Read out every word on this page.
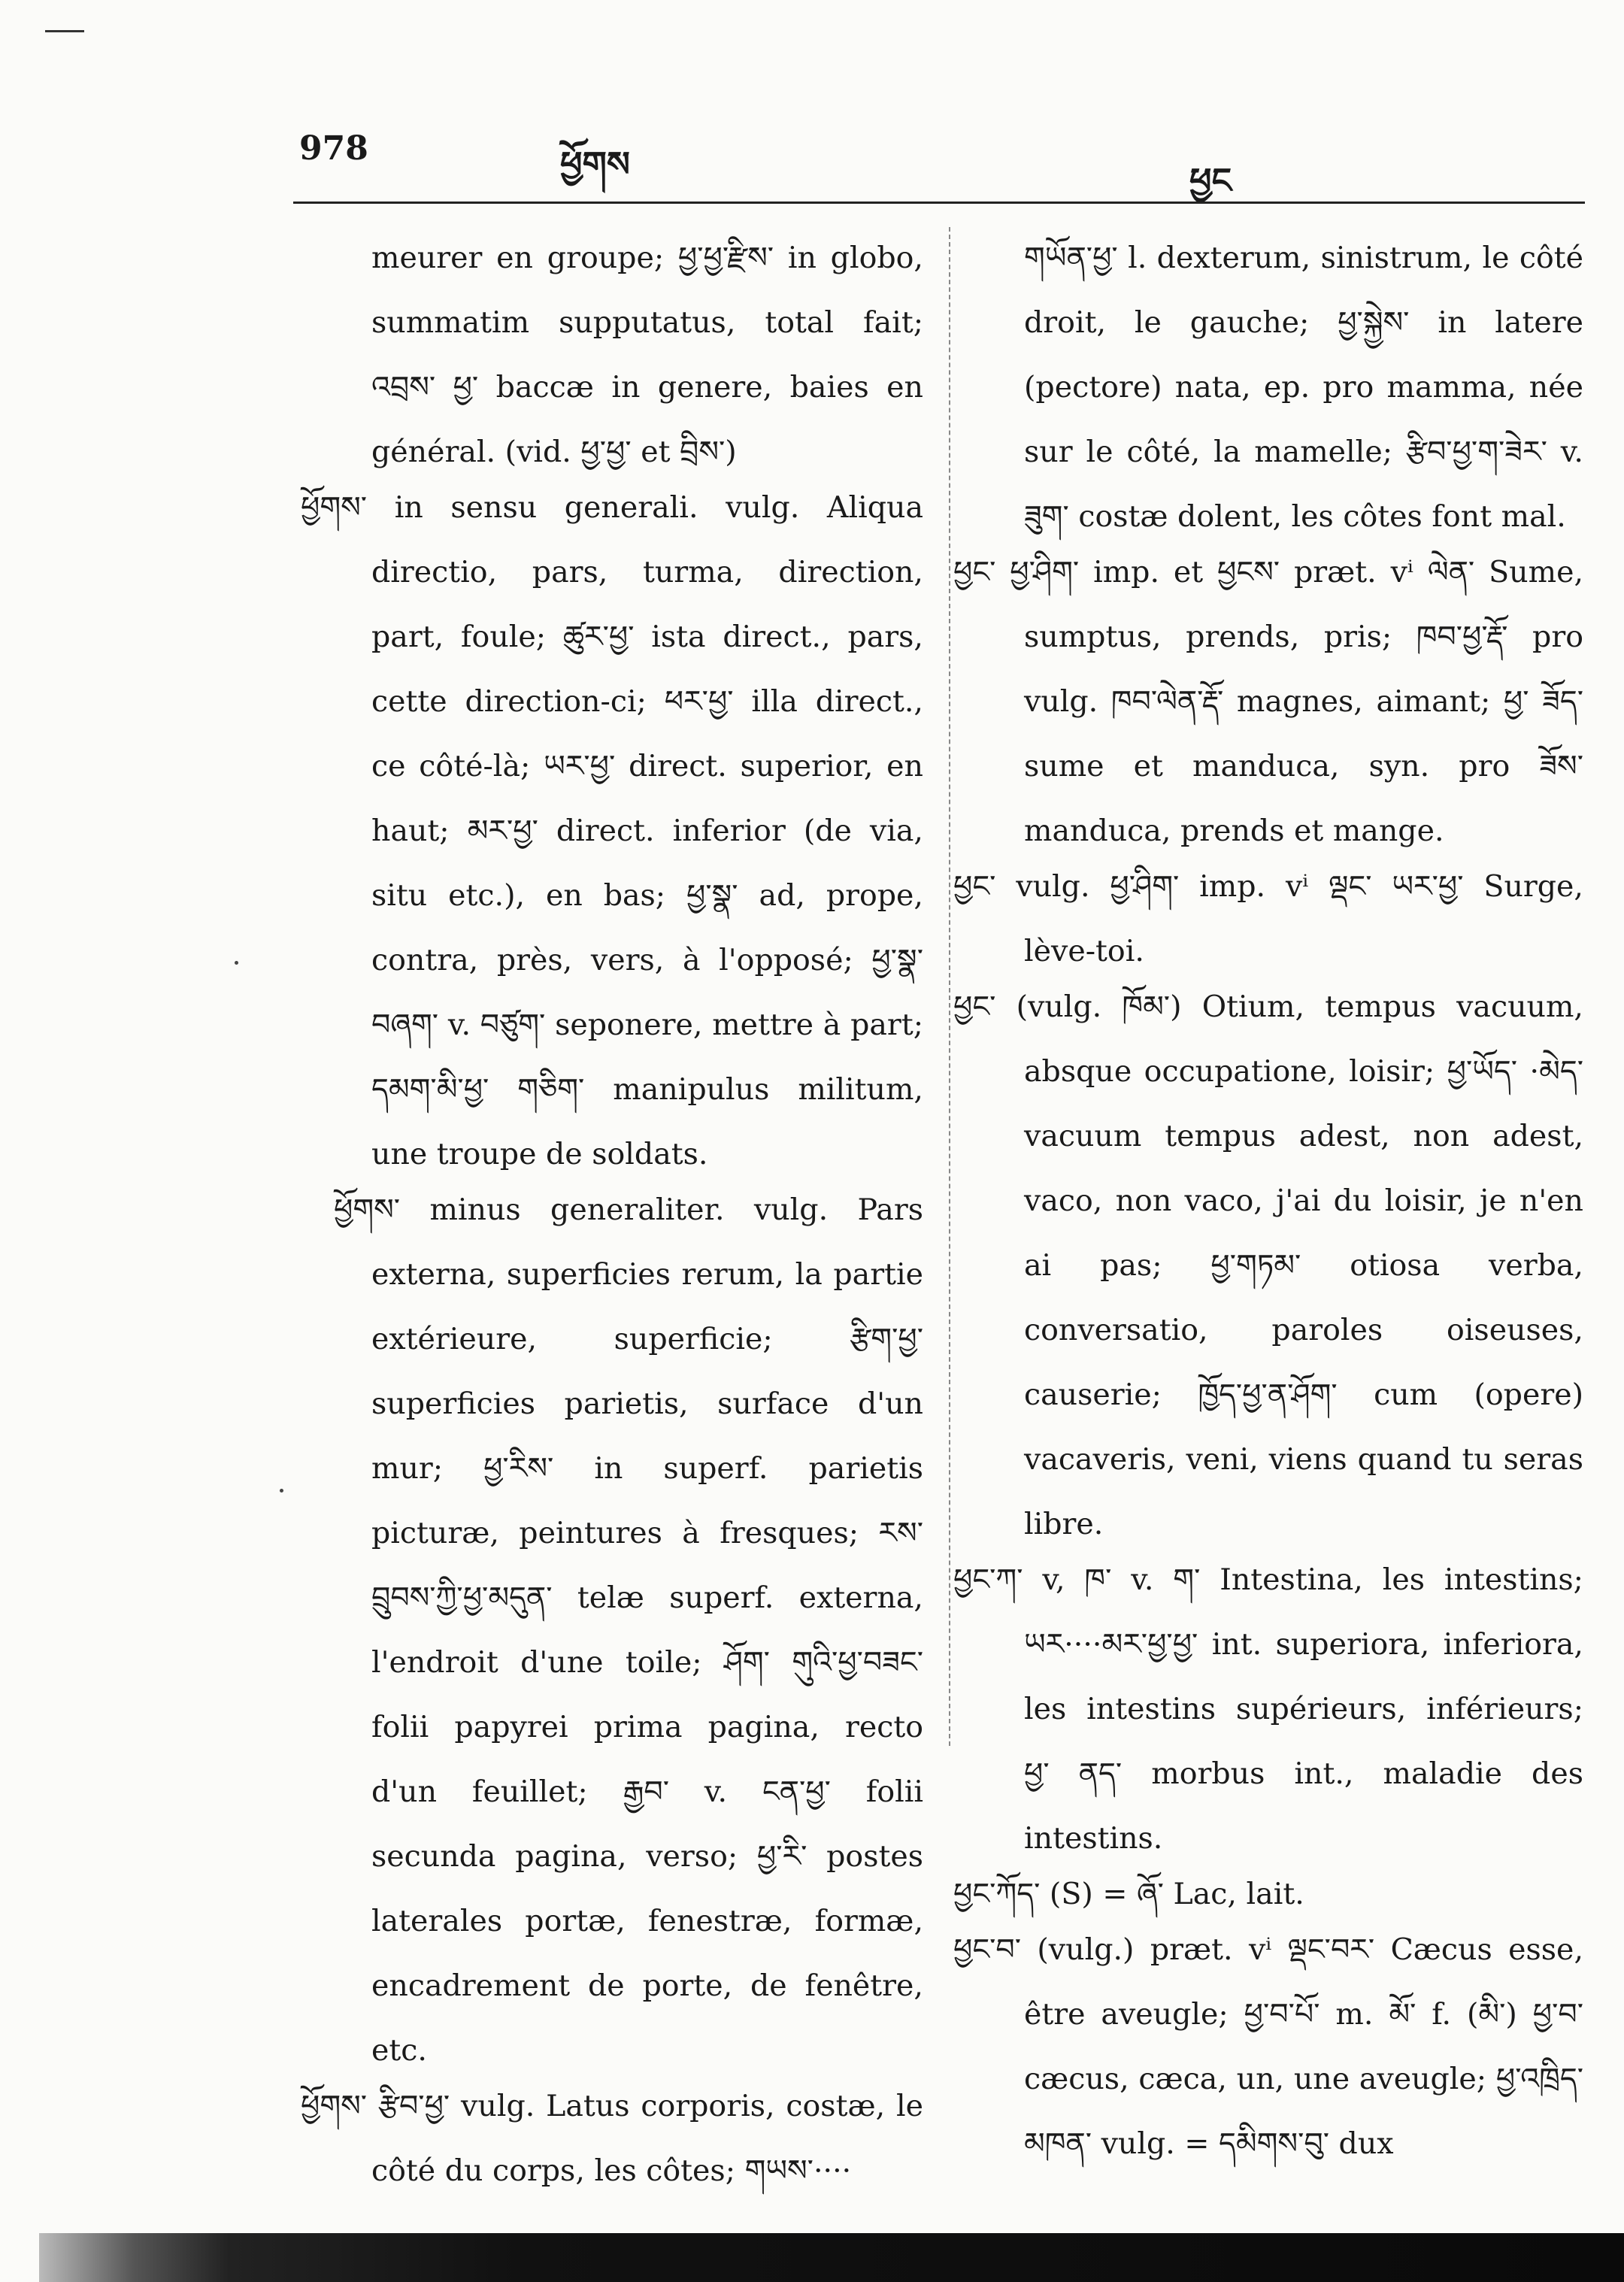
978	ཕྱོགས	ཕྱང

meurer en groupe; ཕྱ་ཕྱ་རྫིས་ in globo, summatim supputatus, total fait; འབྲས་ ཕྱ་ baccæ in genere, baies en général. (vid. ཕྱ་ཕྱ་ et བྲིས་)

ཕྱོགས་ in sensu generali. vulg. Aliqua directio, pars, turma, direction, part, foule; ཚུར་ཕྱ་ ista direct., pars, cette direction-ci; ཕར་ཕྱ་ illa direct., ce côté-là; ཡར་ཕྱ་ direct. superior, en haut; མར་ཕྱ་ direct. inferior (de via, situ etc.), en bas; ཕྱ་སྣ་ ad, prope, contra, près, vers, à l'opposé; ཕྱ་སྣ་བཞག་ v. བཙུག་ seponere, mettre à part; དམག་མི་ཕྱ་ གཅིག་ manipulus militum, une troupe de soldats.

ཕྱོགས་ minus generaliter. vulg. Pars externa, superficies rerum, la partie extérieure, superficie; རྩིག་ཕྱ་ superficies parietis, surface d'un mur; ཕྱ་རིས་ in superf. parietis picturæ, peintures à fresques; རས་བྲུབས་ཀྱི་ཕྱ་མདུན་ telæ superf. externa, l'endroit d'une toile; ཤོག་ གུའི་ཕྱ་བཟང་ folii papyrei prima pagina, recto d'un feuillet; རྒྱབ་ v. ངན་ཕྱ་ folii secunda pagina, verso; ཕྱ་རི་ postes laterales portæ, fenestræ, formæ, encadrement de porte, de fenêtre, etc.

ཕྱོགས་ རྩིབ་ཕྱ་ vulg. Latus corporis, costæ, le côté du corps, les côtes; གཡས་····

གཡོན་ཕྱ་ l. dexterum, sinistrum, le côté droit, le gauche; ཕྱ་སྐྱེས་ in latere (pectore) nata, ep. pro mamma, née sur le côté, la mamelle; རྩིབ་ཕྱ་ག་ཟེར་ v. ཟུག་ costæ dolent, les côtes font mal.

ཕྱང་ ཕྱ་ཤིག་ imp. et ཕྱངས་ præt. vⁱ ལེན་ Sume, sumptus, prends, pris; ཁབ་ཕྱ་རྡོ་ pro vulg. ཁབ་ལེན་རྡོ་ magnes, aimant; ཕྱ་ ཟོད་ sume et manduca, syn. pro ཟོས་ manduca, prends et mange.

ཕྱང་ vulg. ཕྱ་ཤིག་ imp. vⁱ ལྡང་ ཡར་ཕྱ་ Surge, lève-toi.

ཕྱང་ (vulg. ཁོམ་) Otium, tempus vacuum, absque occupatione, loisir; ཕྱ་ཡོད་ ·མེད་ vacuum tempus adest, non adest, vaco, non vaco, j'ai du loisir, je n'en ai pas; ཕྱ་གཏམ་ otiosa verba, conversatio, paroles oiseuses, causerie; ཁྱོད་ཕྱ་ན་ཤོག་ cum (opere) vacaveris, veni, viens quand tu seras libre.

ཕྱང་ཀ་ v, ཁ་ v. ག་ Intestina, les intestins; ཡར····མར་ཕྱ་ཕྱ་ int. superiora, inferiora, les intestins supérieurs, inférieurs; ཕྱ་ ནད་ morbus int., maladie des intestins.

ཕྱང་ཀོད་ (S) = ཞོ་ Lac, lait.

ཕྱང་བ་ (vulg.) præt. vⁱ ལྡང་བར་ Cæcus esse, être aveugle; ཕྱ་བ་པོ་ m. མོ་ f. (མི་) ཕྱ་བ་ cæcus, cæca, un, une aveugle; ཕྱ་འཁྲིད་མཁན་ vulg. = དམིགས་བུ་ dux
